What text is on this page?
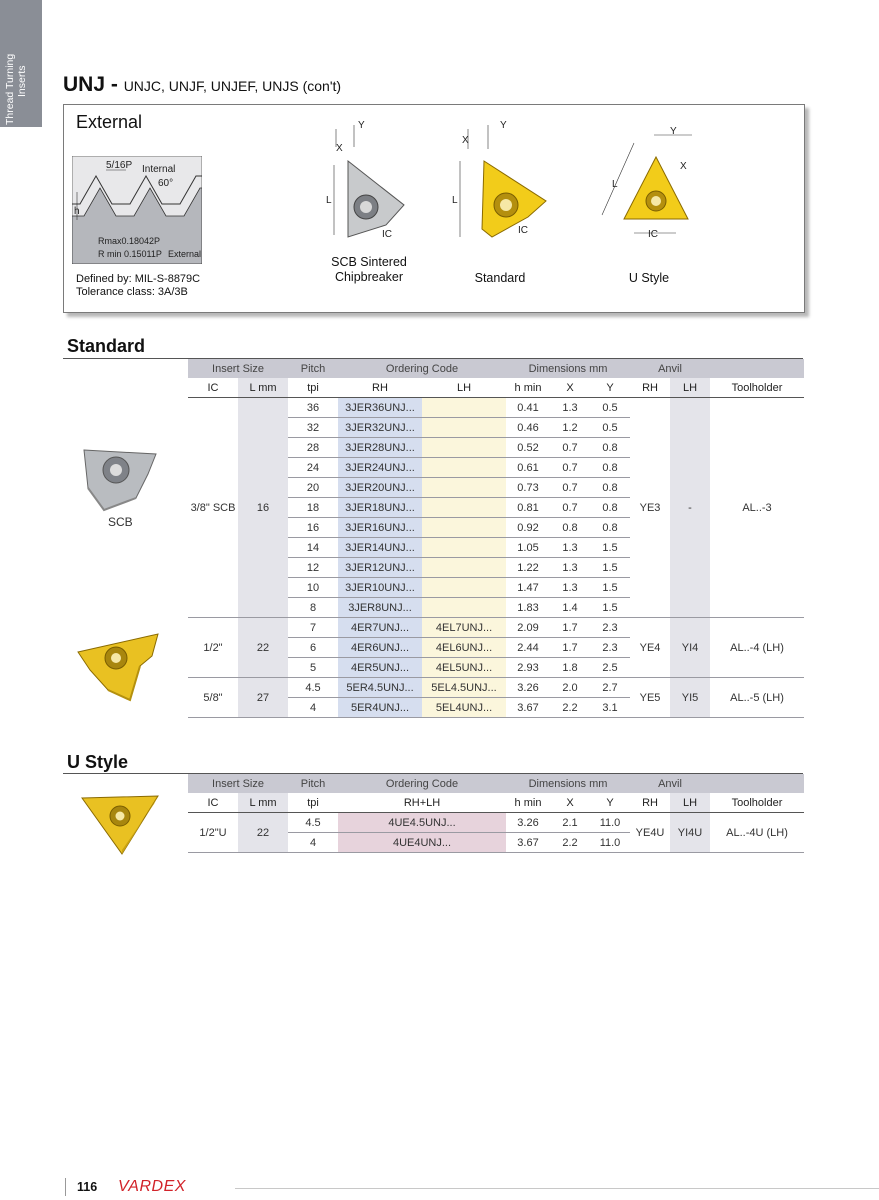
Thread Turning Inserts UNJ - UNJC, UNJF, UNJEF, UNJS (con't)
External
5/16P Internal
60°
h
Rmax0.18042P
R min 0.15011P External
Defined by: MIL-S-8879C
Tolerance class: 3A/3B
Y
X
L
IC
SCB Sintered Chipbreaker
Y
X
L
IC
Standard
Y
X
L
IC
U Style
Standard
SCB
Insert Size		Pitch	Ordering Code		Dimensions mm			Anvil		
IC	L mm	tpi	RH	LH	h min	X	Y	RH	LH	Toolholder
3/8" SCB	16	36	3JER36UNJ...		0.41	1.3	0.5	YE3	-	AL..-3
		32	3JER32UNJ...		0.46	1.2	0.5			
		28	3JER28UNJ...		0.52	0.7	0.8			
		24	3JER24UNJ...		0.61	0.7	0.8			
		20	3JER20UNJ...		0.73	0.7	0.8			
		18	3JER18UNJ...		0.81	0.7	0.8			
		16	3JER16UNJ...		0.92	0.8	0.8			
		14	3JER14UNJ...		1.05	1.3	1.5			
		12	3JER12UNJ...		1.22	1.3	1.5			
		10	3JER10UNJ...		1.47	1.3	1.5			
		8	3JER8UNJ...		1.83	1.4	1.5			
1/2"	22	7	4ER7UNJ...	4EL7UNJ...	2.09	1.7	2.3	YE4	YI4	AL..-4 (LH)
		6	4ER6UNJ...	4EL6UNJ...	2.44	1.7	2.3			
		5	4ER5UNJ...	4EL5UNJ...	2.93	1.8	2.5			
5/8"	27	4.5	5ER4.5UNJ...	5EL4.5UNJ...	3.26	2.0	2.7	YE5	YI5	AL..-5 (LH)
		4	5ER4UNJ...	5EL4UNJ...	3.67	2.2	3.1			
U Style
Insert Size		Pitch	Ordering Code	Dimensions mm			Anvil		
IC	L mm	tpi	RH+LH	h min	X	Y	RH	LH	Toolholder
1/2"U	22	4.5	4UE4.5UNJ...	3.26	2.1	11.0	YE4U	YI4U	AL..-4U (LH)
		4	4UE4UNJ...	3.67	2.2	11.0			
116 VARDEX
